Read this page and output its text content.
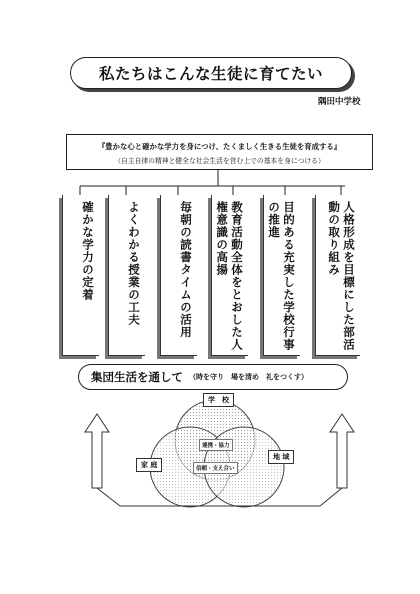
私たちはこんな生徒に育てたい
隅田中学校
『豊かな心と確かな学力を身につけ、たくましく生きる生徒を育成する』
（自主自律の精神と健全な社会生活を営む上での基本を身につける）
確かな学力の定着	よくわかる授業の工夫	毎朝の読書タイムの活用	教育活動全体をとおした人権意識の高揚	目的ある充実した学校行事の推進	人格形成を目標にした部活動の取り組み
集団生活を通して （時を守り　場を清め　礼をつくす）
学　校
家 庭
地 域
連携・協力
信頼・支え合い
